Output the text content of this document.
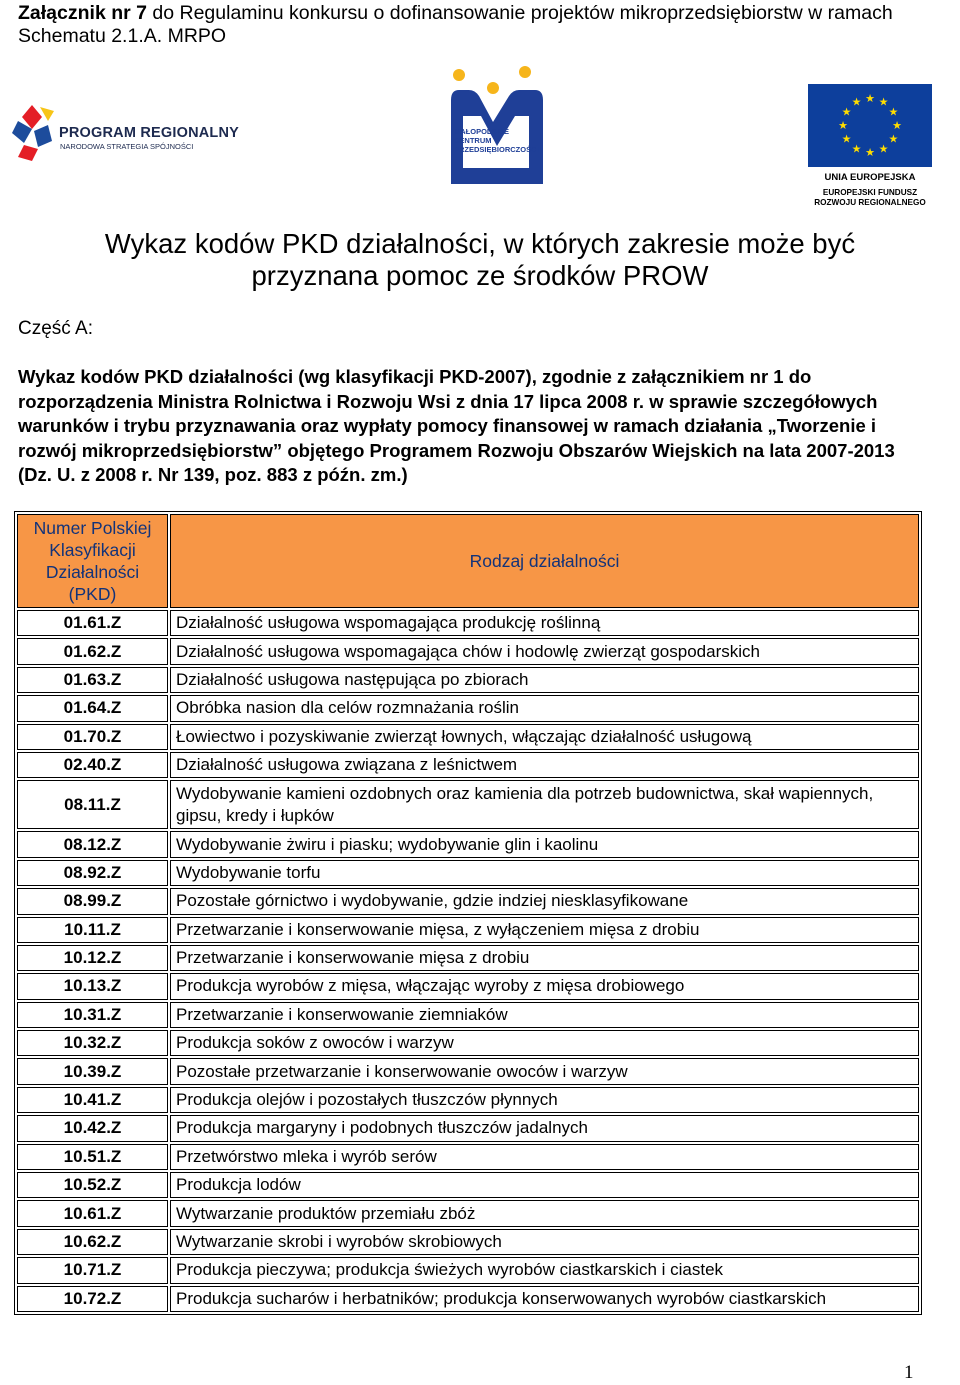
Załącznik nr 7 do Regulaminu konkursu o dofinansowanie projektów mikroprzedsiębiorstw w ramach
Schematu 2.1.A. MRPO
PROGRAM REGIONALNY
NARODOWA STRATEGIA SPÓJNOŚCI
MAŁOPOLSKIE
CENTRUM
PRZEDSIĘBIORCZOŚCI
★ ★
★
★
★
★
★
★
★
★
★
★
UNIA EUROPEJSKA
EUROPEJSKI FUNDUSZ
ROZWOJU REGIONALNEGO
Wykaz kodów PKD działalności, w których zakresie może być
przyznana pomoc ze środków PROW
Część A:
Wykaz kodów PKD działalności (wg klasyfikacji PKD-2007), zgodnie z załącznikiem nr 1 do rozporządzenia Ministra Rolnictwa i Rozwoju Wsi z dnia 17 lipca 2008 r. w sprawie szczegółowych warunków i trybu przyznawania oraz wypłaty pomocy finansowej w ramach działania „Tworzenie i rozwój mikroprzedsiębiorstw” objętego Programem Rozwoju Obszarów Wiejskich na lata 2007-2013 (Dz. U. z 2008 r. Nr 139, poz. 883 z późn. zm.)
Numer Polskiej Klasyfikacji Działalności (PKD)	Rodzaj działalności
01.61.Z	Działalność usługowa wspomagająca produkcję roślinną
01.62.Z	Działalność usługowa wspomagająca chów i hodowlę zwierząt gospodarskich
01.63.Z	Działalność usługowa następująca po zbiorach
01.64.Z	Obróbka nasion dla celów rozmnażania roślin
01.70.Z	Łowiectwo i pozyskiwanie zwierząt łownych, włączając działalność usługową
02.40.Z	Działalność usługowa związana z leśnictwem
08.11.Z	Wydobywanie kamieni ozdobnych oraz kamienia dla potrzeb budownictwa, skał wapiennych, gipsu, kredy i łupków
08.12.Z	Wydobywanie żwiru i piasku; wydobywanie glin i kaolinu
08.92.Z	Wydobywanie torfu
08.99.Z	Pozostałe górnictwo i wydobywanie, gdzie indziej niesklasyfikowane
10.11.Z	Przetwarzanie i konserwowanie mięsa, z wyłączeniem mięsa z drobiu
10.12.Z	Przetwarzanie i konserwowanie mięsa z drobiu
10.13.Z	Produkcja wyrobów z mięsa, włączając wyroby z mięsa drobiowego
10.31.Z	Przetwarzanie i konserwowanie ziemniaków
10.32.Z	Produkcja soków z owoców i warzyw
10.39.Z	Pozostałe przetwarzanie i konserwowanie owoców i warzyw
10.41.Z	Produkcja olejów i pozostałych tłuszczów płynnych
10.42.Z	Produkcja margaryny i podobnych tłuszczów jadalnych
10.51.Z	Przetwórstwo mleka i wyrób serów
10.52.Z	Produkcja lodów
10.61.Z	Wytwarzanie produktów przemiału zbóż
10.62.Z	Wytwarzanie skrobi i wyrobów skrobiowych
10.71.Z	Produkcja pieczywa; produkcja świeżych wyrobów ciastkarskich i ciastek
10.72.Z	Produkcja sucharów i herbatników; produkcja konserwowanych wyrobów ciastkarskich
1
